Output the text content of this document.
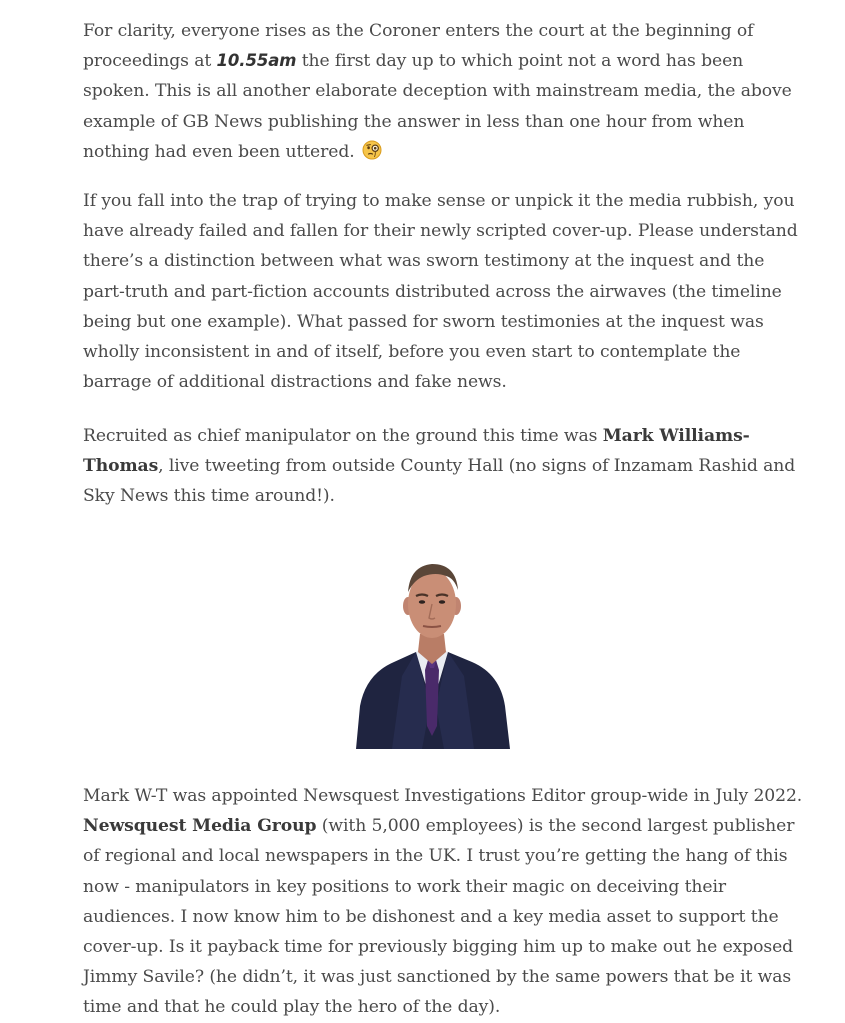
For clarity, everyone rises as the Coroner enters the court at the beginning of proceedings at 10.55am the first day up to which point not a word has been spoken. This is all another elaborate deception with mainstream media, the above example of GB News publishing the answer in less than one hour from when nothing had even been uttered.

If you fall into the trap of trying to make sense or unpick it the media rubbish, you have already failed and fallen for their newly scripted cover-up. Please understand there’s a distinction between what was sworn testimony at the inquest and the part-truth and part-fiction accounts distributed across the airwaves (the timeline being but one example). What passed for sworn testimonies at the inquest was wholly inconsistent in and of itself, before you even start to contemplate the barrage of additional distractions and fake news.

Recruited as chief manipulator on the ground this time was Mark Williams-Thomas, live tweeting from outside County Hall (no signs of Inzamam Rashid and Sky News this time around!).

Mark W-T was appointed Newsquest Investigations Editor group-wide in July 2022. Newsquest Media Group (with 5,000 employees) is the second largest publisher of regional and local newspapers in the UK. I trust you’re getting the hang of this now - manipulators in key positions to work their magic on deceiving their audiences. I now know him to be dishonest and a key media asset to support the cover-up. Is it payback time for previously bigging him up to make out he exposed Jimmy Savile? (he didn’t, it was just sanctioned by the same powers that be it was time and that he could play the hero of the day).
